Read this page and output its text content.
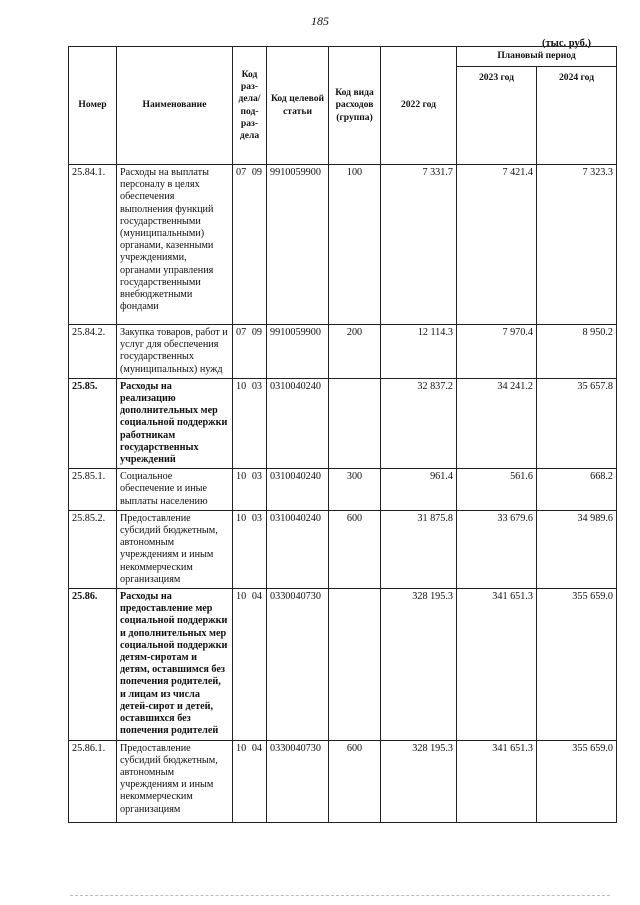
185
(тыс. руб.)
Номер	Наименование	Код раз-дела/ под-раз-дела	Код целевой статьи	Код вида расходов (группа)	2022 год	Плановый период	
						2023 год	2024 год
25.84.1.	Расходы на выплаты персоналу в целях обеспечения выполнения функций государственными (муниципальными) органами, казенными учреждениями, органами управления государственными внебюджетными фондами	07 09	9910059900	100	7 331.7	7 421.4	7 323.3
25.84.2.	Закупка товаров, работ и услуг для обеспечения государственных (муниципальных) нужд	07 09	9910059900	200	12 114.3	7 970.4	8 950.2
25.85.	Расходы на реализацию дополнительных мер социальной поддержки работникам государственных учреждений	10 03	0310040240		32 837.2	34 241.2	35 657.8
25.85.1.	Социальное обеспечение и иные выплаты населению	10 03	0310040240	300	961.4	561.6	668.2
25.85.2.	Предоставление субсидий бюджетным, автономным учреждениям и иным некоммерческим организациям	10 03	0310040240	600	31 875.8	33 679.6	34 989.6
25.86.	Расходы на предоставление мер социальной поддержки и дополнительных мер социальной поддержки детям-сиротам и детям, оставшимся без попечения родителей, и лицам из числа детей-сирот и детей, оставшихся без попечения родителей	10 04	0330040730		328 195.3	341 651.3	355 659.0
25.86.1.	Предоставление субсидий бюджетным, автономным учреждениям и иным некоммерческим организациям	10 04	0330040730	600	328 195.3	341 651.3	355 659.0
